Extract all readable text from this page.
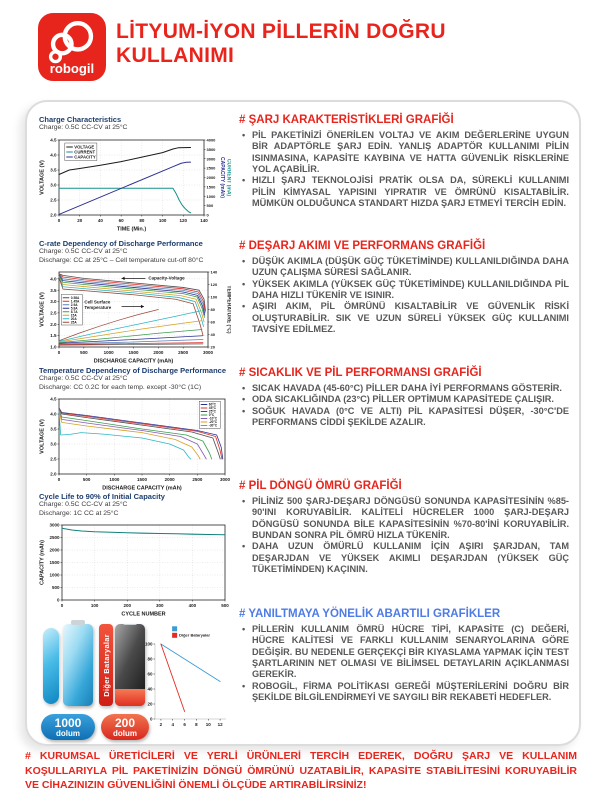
robogil
LİTYUM-İYON PİLLERİN DOĞRU
KULLANIMI
Charge Characteristics
Charge: 0.5C CC-CV at 25°C
0 20 40 60 80 100 120 140
2.0
2.5
3.0
3.5
4.0
4.5
0
500
1000
1500
2000
2500
3000
3500
4000
TIME (Min.)
VOLTAGE (V)	CAPACITY (mAh) CURRENT (mA)
VOLTAGE
CURRENT
CAPACITY
C-rate Dependency of Discharge Performance
Charge: 0.5C CC-CV at 25°C
Discharge: CC at 25°C – Cell temperature cut-off 80°C
0 500 1000 1500 2000 2500 3000
1.0
1.5
2.0
2.5
3.0
3.5
4.0
20
40
60
80
100
120
140
DISCHARGE CAPACITY (mAh)
VOLTAGE (V)	TEMPERATURE (°C)
0.58A
1.45A
2.9A
5.8A
8.7A
15A
20A
25A
Capacity-Voltage
Cell Surface
Temperature
Temperature Dependency of Discharge Performance
Charge: 0.5C CC-CV at 25°C
Discharge: CC 0.2C for each temp. except -30°C (1C)
0	500 1000 1500 2000 2500 3000
2.0
2.5
3.0
3.5
4.0
4.5
DISCHARGE CAPACITY (mAh)
VOLTAGE (V)
60°C
45°C
25°C
0°C
-10°C
-20°C
-30°C
Cycle Life to 90% of Initial Capacity
Charge: 0.5C CC-CV at 25°C
Discharge: 1C CC at 25°C
0	100	200	300	400	500
0
500
1000
1500
2000
2500
3000
CYCLE NUMBER
CAPACITY (mAh)
Diğer Bataryalar
1000
dolum
200
dolum
2 4 6 8 10 12
0
20
40
60
80
100
Diğer Bataryalar
# ŞARJ KARAKTERİSTİKLERİ GRAFİĞİ
• PİL PAKETİNİZİ ÖNERİLEN VOLTAJ VE AKIM DEĞERLERİNE UYGUN BİR ADAPTÖRLE ŞARJ EDİN. YANLIŞ ADAPTÖR KULLANIMI PİLİN ISINMASINA, KAPASİTE KAYBINA VE HATTA GÜVENLİK RİSKLERİNE YOL AÇABİLİR.
• HIZLI ŞARJ TEKNOLOJİSİ PRATİK OLSA DA, SÜREKLİ KULLANIMI PİLİN KİMYASAL YAPISINI YIPRATIR VE ÖMRÜNÜ KISALTABİLİR. MÜMKÜN OLDUĞUNCA STANDART HIZDA ŞARJ ETMEYİ TERCİH EDİN.
# DEŞARJ AKIMI VE PERFORMANS GRAFİĞİ
• DÜŞÜK AKIMLA (DÜŞÜK GÜÇ TÜKETİMİNDE) KULLANILDIĞINDA DAHA UZUN ÇALIŞMA SÜRESİ SAĞLANIR.
• YÜKSEK AKIMLA (YÜKSEK GÜÇ TÜKETİMİNDE) KULLANILDIĞINDA PİL DAHA HIZLI TÜKENİR VE ISINIR.
• AŞIRI AKIM, PİL ÖMRÜNÜ KISALTABİLİR VE GÜVENLİK RİSKİ OLUŞTURABİLİR. SIK VE UZUN SÜRELİ YÜKSEK GÜÇ KULLANIMI TAVSİYE EDİLMEZ.
# SICAKLIK VE PİL PERFORMANSI GRAFİĞİ
• SICAK HAVADA (45-60°C) PİLLER DAHA İYİ PERFORMANS GÖSTERİR.
• ODA SICAKLIĞINDA (23°C) PİLLER OPTİMUM KAPASİTEDE ÇALIŞIR.
• SOĞUK HAVADA (0°C VE ALTI) PİL KAPASİTESİ DÜŞER, -30°C'DE PERFORMANS CİDDİ ŞEKİLDE AZALIR.
# PİL DÖNGÜ ÖMRÜ GRAFİĞİ
• PİLİNİZ 500 ŞARJ-DEŞARJ DÖNGÜSÜ SONUNDA KAPASİTESİNİN %85-90'INI KORUYABİLİR. KALİTELİ HÜCRELER 1000 ŞARJ-DEŞARJ DÖNGÜSÜ SONUNDA BİLE KAPASİTESİNİN %70-80'İNİ KORUYABİLİR. BUNDAN SONRA PİL ÖMRÜ HIZLA TÜKENİR.
• DAHA UZUN ÖMÜRLÜ KULLANIM İÇİN AŞIRI ŞARJDAN, TAM DEŞARJDAN VE YÜKSEK AKIMLI DEŞARJDAN (YÜKSEK GÜÇ TÜKETİMİNDEN) KAÇININ.
# YANILTMAYA YÖNELİK ABARTILI GRAFİKLER
• PİLLERİN KULLANIM ÖMRÜ HÜCRE TİPİ, KAPASİTE (C) DEĞERİ, HÜCRE KALİTESİ VE FARKLI KULLANIM SENARYOLARINA GÖRE DEĞİŞİR. BU NEDENLE GERÇEKÇİ BİR KIYASLAMA YAPMAK İÇİN TEST ŞARTLARININ NET OLMASI VE BİLİMSEL DETAYLARIN AÇIKLANMASI GEREKİR.
• ROBOGİL, FİRMA POLİTİKASI GEREĞİ MÜŞTERİLERİNİ DOĞRU BİR ŞEKİLDE BİLGİLENDİRMEYİ VE SAYGILI BİR REKABETİ HEDEFLER.
# KURUMSAL ÜRETİCİLERİ VE YERLİ ÜRÜNLERİ TERCİH EDEREK, DOĞRU ŞARJ VE KULLANIM KOŞULLARIYLA PİL PAKETİNİZİN DÖNGÜ ÖMRÜNÜ UZATABİLİR, KAPASİTE STABİLİTESİNİ KORUYABİLİR VE CİHAZINIZIN GÜVENLİĞİNİ ÖNEMLİ ÖLÇÜDE ARTIRABİLİRSİNİZ!
